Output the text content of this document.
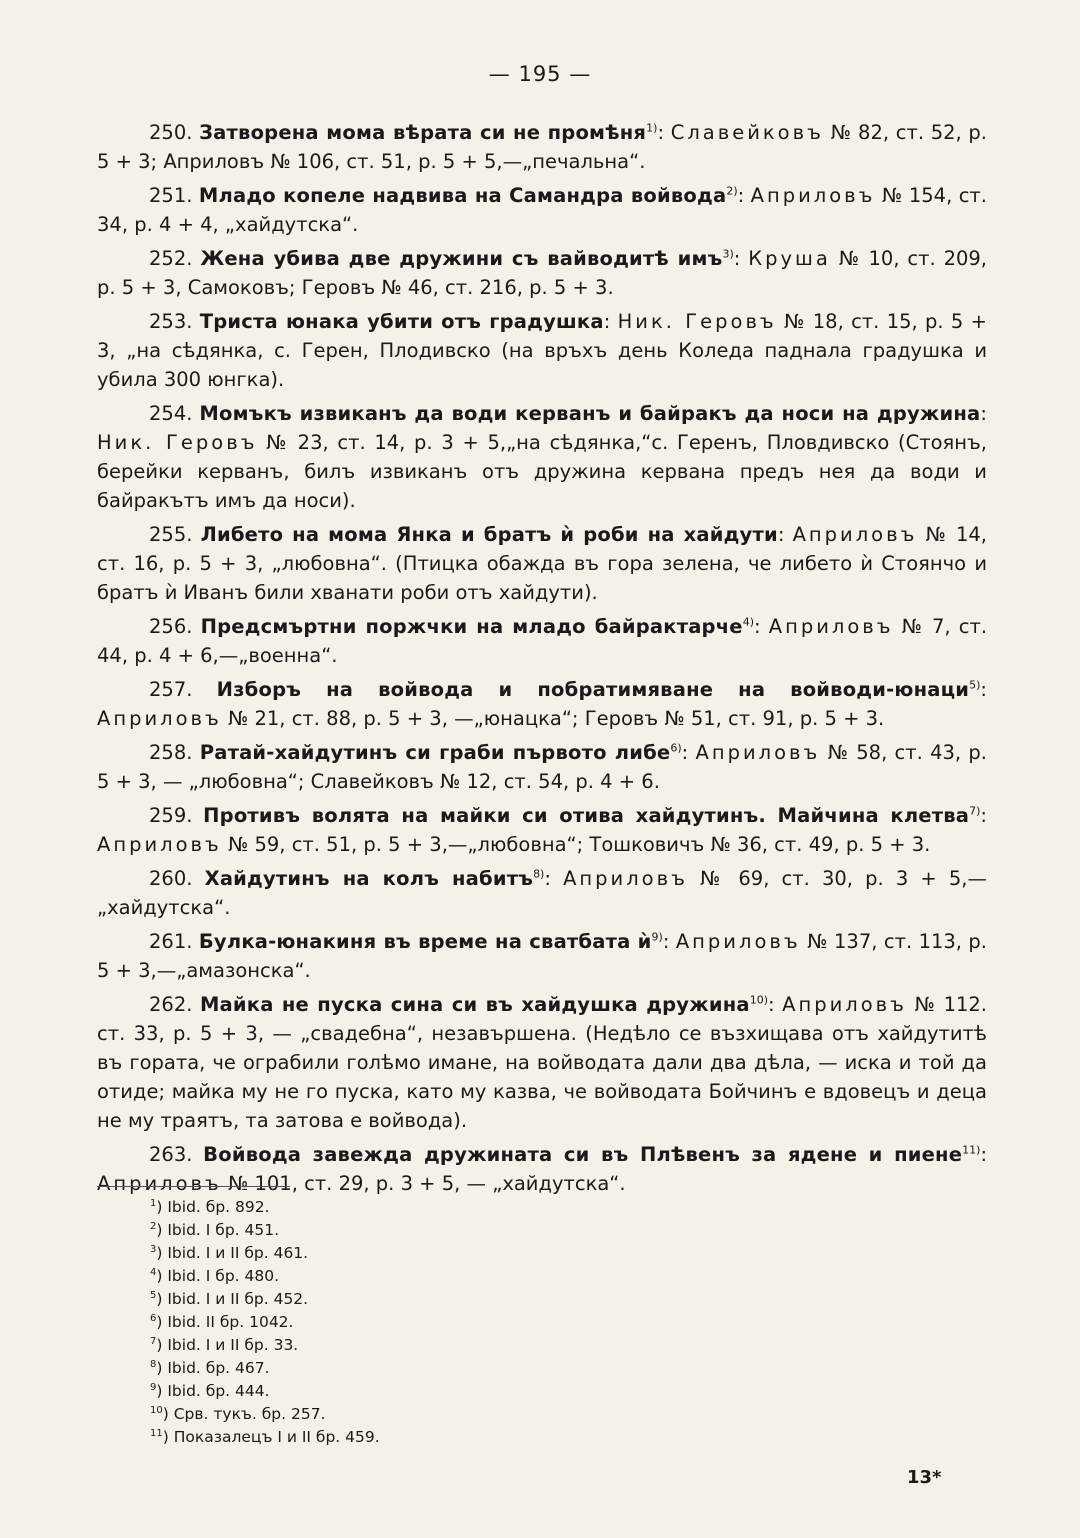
— 195 —

250. Затворена мома вѣрата си не промѣня$^{1)}$: Славейковъ № 82, ст. 52, р. 5 + 3; Априловъ № 106, ст. 51, р. 5 + 5,—„печальна“.

251. Младо копеле надвива на Самандра войвода$^{2)}$: Априловъ № 154, ст. 34, р. 4 + 4, „хайдутска“.

252. Жена убива две дружини съ вайводитѣ имъ$^{3)}$: Круша № 10, ст. 209, р. 5 + 3, Самоковъ; Геровъ № 46, ст. 216, р. 5 + 3.

253. Триста юнака убити отъ градушка: Ник. Геровъ № 18, ст. 15, р. 5 + 3, „на сѣдянка, с. Герен, Плодивско (на връхъ день Коледа паднала градушка и убила 300 юнгка).

254. Момъкъ извиканъ да води керванъ и байракъ да носи на дружина: Ник. Геровъ № 23, ст. 14, р. 3 + 5,„на сѣдянка,“с. Геренъ, Пловдивско (Стоянъ, берейки керванъ, билъ извиканъ отъ дружина кервана предъ нея да води и байракътъ имъ да носи).

255. Либето на мома Янка и братъ ѝ роби на хайдути: Априловъ № 14, ст. 16, р. 5 + 3, „любовна“. (Птицка обажда въ гора зелена, че либето ѝ Стоянчо и братъ ѝ Иванъ били хванати роби отъ хайдути).

256. Предсмъртни поржчки на младо байрактарче$^{4)}$: Априловъ № 7, ст. 44, р. 4 + 6,—„военна“.

257. Изборъ на войвода и побратимяване на войводи-юнаци$^{5)}$: Априловъ № 21, ст. 88, р. 5 + 3, —„юнацка“; Геровъ № 51, ст. 91, р. 5 + 3.

258. Ратай-хайдутинъ си граби първото либе$^{6)}$: Априловъ № 58, ст. 43, р. 5 + 3, — „любовна“; Славейковъ № 12, ст. 54, р. 4 + 6.

259. Противъ волята на майки си отива хайдутинъ. Майчина клетва$^{7)}$: Априловъ № 59, ст. 51, р. 5 + 3,—„любовна“; Тошковичъ № 36, ст. 49, р. 5 + 3.

260. Хайдутинъ на колъ набитъ$^{8)}$: Априловъ № 69, ст. 30, р. 3 + 5,— „хайдутска“.

261. Булка-юнакиня въ време на сватбата $ѝ^{9)}$: Априловъ № 137, ст. 113, р. 5 + 3,—„амазонска“.

262. Майка не пуска сина си въ хайдушка дружина$^{10)}$: Априловъ № 112. ст. 33, р. 5 + 3, — „свадебна“, незавършена. (Недѣло се възхищава отъ хайдутитѣ въ гората, че ограбили голѣмо имане, на войводата дали два дѣла, — иска и той да отиде; майка му не го пуска, като му казва, че войводата Бойчинъ е вдовецъ и деца не му траятъ, та затова е войвода).

263. Войвода завежда дружината си въ Плѣвенъ за ядене и пиене$^{11)}$: Априловъ № 101, ст. 29, р. 3 + 5, — „хайдутска“.

$^1$) Ibid. бр. 892.
$^2$) Ibid. I бр. 451.
$^3$) Ibid. I и II бр. 461.
$^4$) Ibid. I бр. 480.
$^5$) Ibid. I и II бр. 452.
$^6$) Ibid. II бр. 1042.
$^7$) Ibid. I и II бр. 33.
$^8$) Ibid. бр. 467.
$^9$) Ibid. бр. 444.
$^{10}$) Срв. тукъ. бр. 257.
$^{11}$) Показалецъ I и II бр. 459.
13*
